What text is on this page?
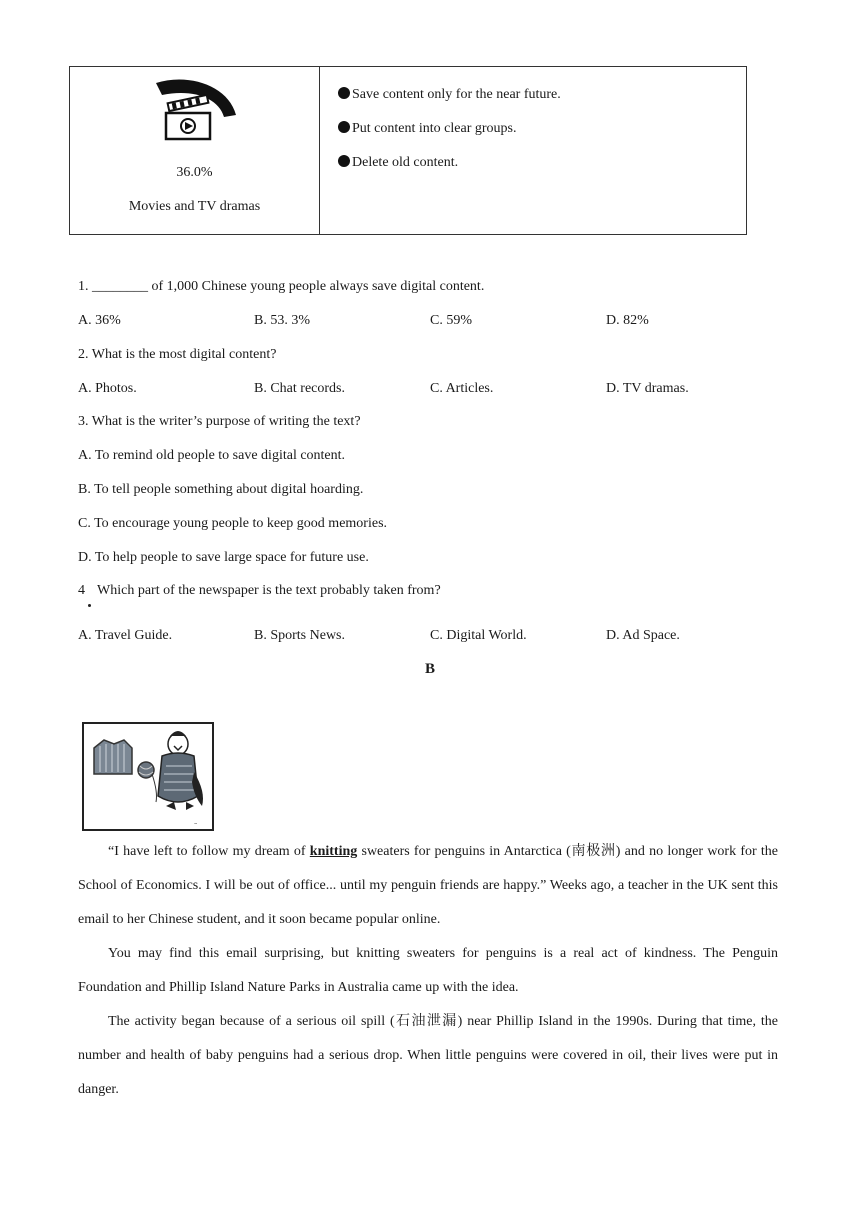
36.0%
Movies and TV dramas
Save content only for the near future.
Put content into clear groups.
Delete old content.
1. ________ of 1,000 Chinese young people always save digital content.
A. 36%	B. 53. 3%	C. 59%	D. 82%
2. What is the most digital content?
A. Photos.	B. Chat records.	C. Articles.	D. TV dramas.
3. What is the writer’s purpose of writing the text?
A. To remind old people to save digital content.
B. To tell people something about digital hoarding.
C. To encourage young people to keep good memories.
D. To help people to save large space for future use.
4 Which part of the newspaper is the text probably taken from?
A. Travel Guide.	B. Sports News.	C. Digital World.	D. Ad Space.
B
~
“I have left to follow my dream of knitting sweaters for penguins in Antarctica (南极洲) and no longer work for the School of Economics. I will be out of office... until my penguin friends are happy.” Weeks ago, a teacher in the UK sent this email to her Chinese student, and it soon became popular online.
You may find this email surprising, but knitting sweaters for penguins is a real act of kindness. The Penguin Foundation and Phillip Island Nature Parks in Australia came up with the idea.
The activity began because of a serious oil spill (石油泄漏) near Phillip Island in the 1990s. During that time, the number and health of baby penguins had a serious drop. When little penguins were covered in oil, their lives were put in danger.
